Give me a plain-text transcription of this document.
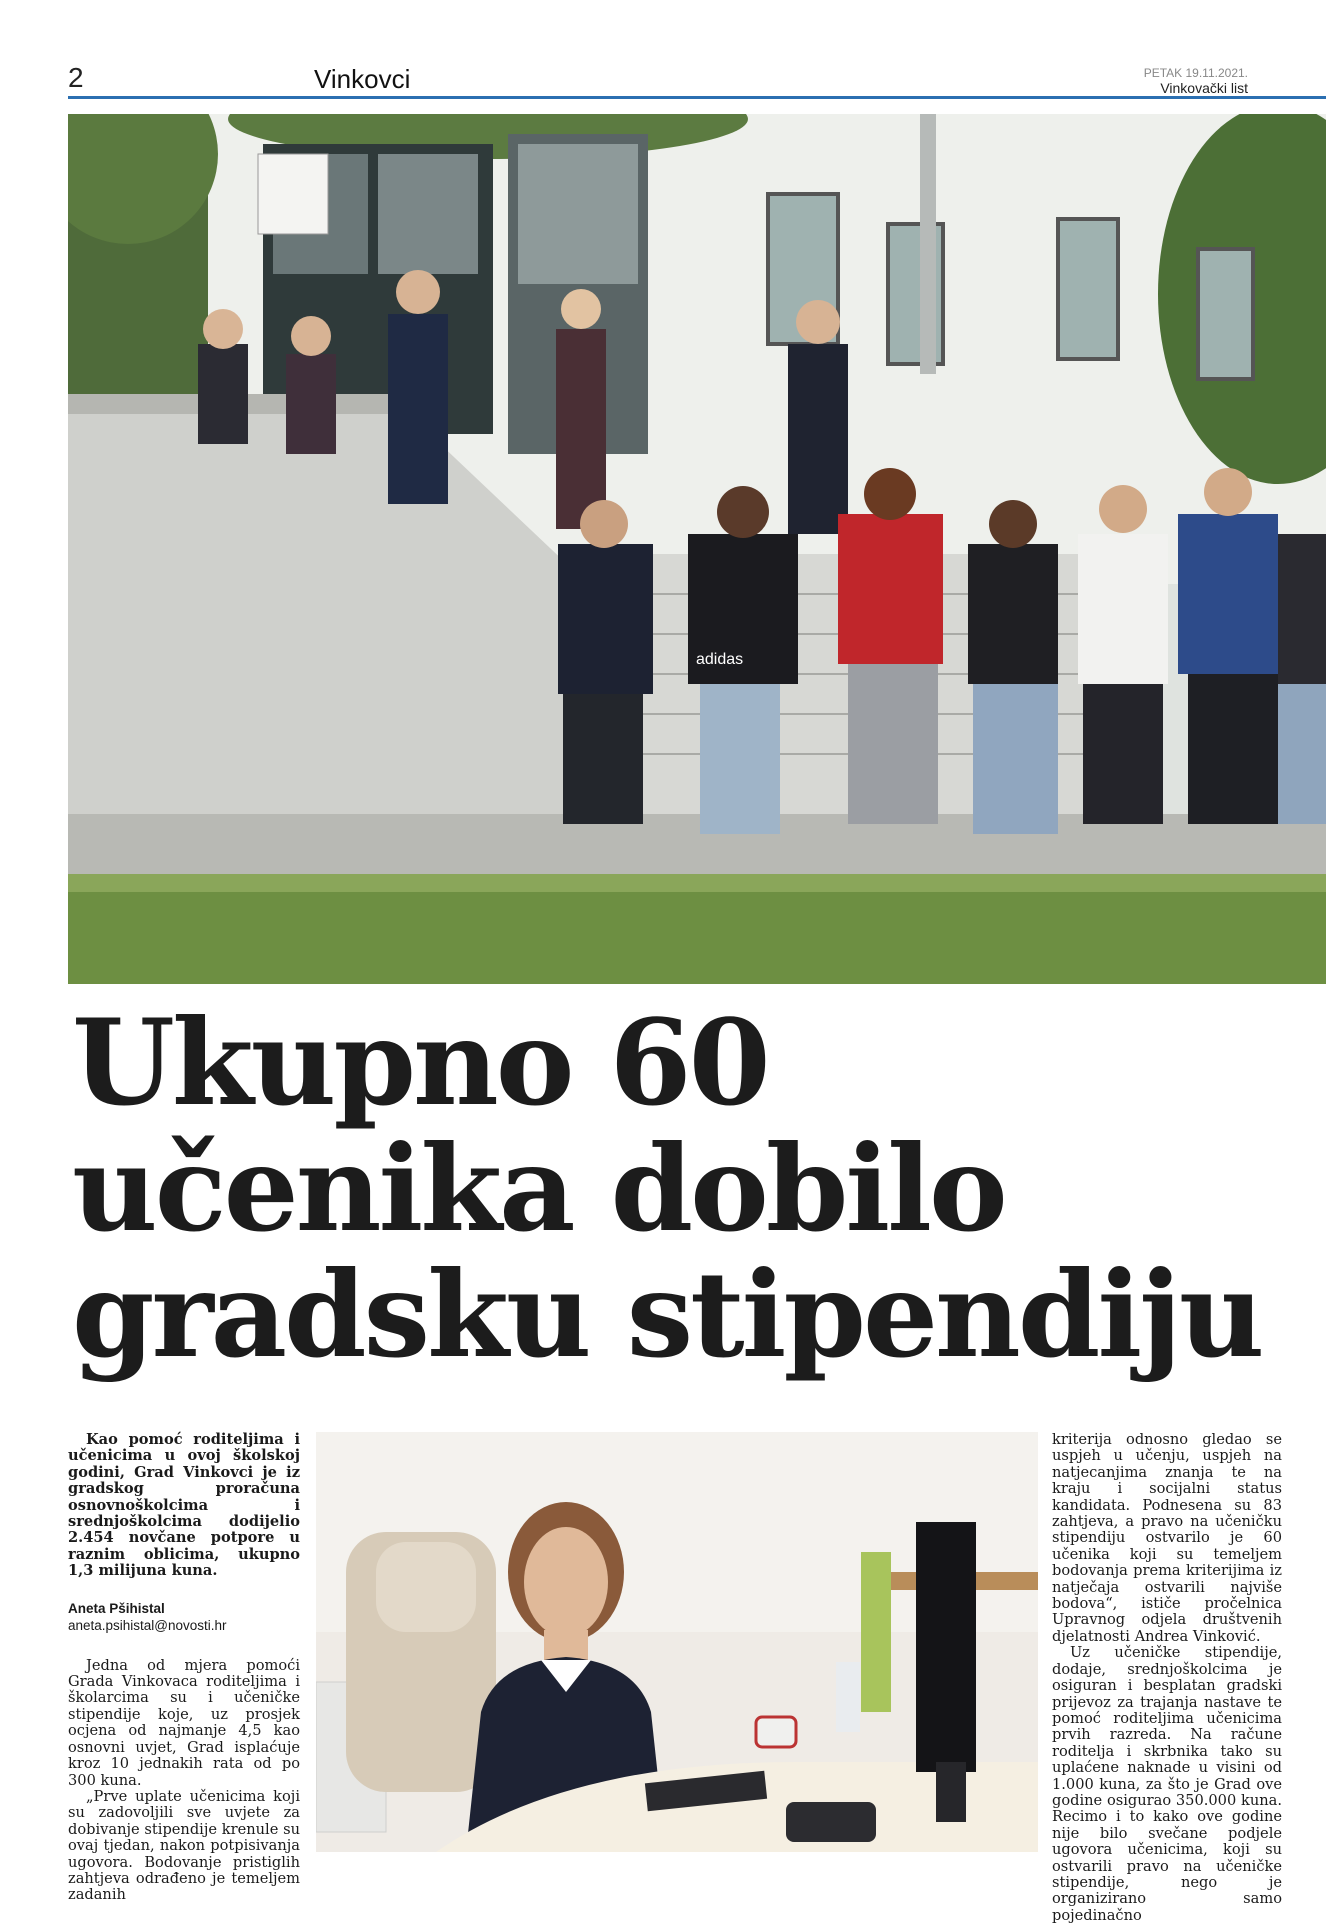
2	Vinkovci	PETAK 19.11.2021.
Vinkovački list
adidas
Ukupno 60
učenika dobilo
gradsku stipendiju

Kao pomoć roditeljima i učenicima u ovoj školskoj godini, Grad Vinkovci je iz gradskog proračuna osnovnoškolcima i srednjoškolcima dodijelio 2.454 novčane potpore u raznim oblicima, ukupno 1,3 milijuna kuna.

Aneta Pšihistal
aneta.psihistal@novosti.hr

Jedna od mjera pomoći Grada Vinkovaca roditeljima i školarcima su i učeničke stipendije koje, uz prosjek ocjena od najmanje 4,5 kao osnovni uvjet, Grad isplaćuje kroz 10 jednakih rata od po 300 kuna.

„Prve uplate učenicima koji su zadovoljili sve uvjete za dobivanje stipendije krenule su ovaj tjedan, nakon potpisivanja ugovora. Bodovanje pristiglih zahtjeva odrađeno je temeljem zadanih

kriterija odnosno gledao se uspjeh u učenju, uspjeh na natjecanjima znanja te na kraju i socijalni status kandidata. Podnesena su 83 zahtjeva, a pravo na učeničku stipendiju ostvarilo je 60 učenika koji su temeljem bodovanja prema kriterijima iz natječaja ostvarili najviše bodova“, ističe pročelnica Upravnog odjela društvenih djelatnosti Andrea Vinković.

Uz učeničke stipendije, dodaje, srednjoškolcima je osiguran i besplatan gradski prijevoz za trajanja nastave te pomoć roditeljima učenicima prvih razreda. Na račune roditelja i skrbnika tako su uplaćene naknade u visini od 1.000 kuna, za što je Grad ove godine osigurao 350.000 kuna. Recimo i to kako ove godine nije bilo svečane podjele ugovora učenicima, koji su ostvarili pravo na učeničke stipendije, nego je organizirano samo pojedinačno
